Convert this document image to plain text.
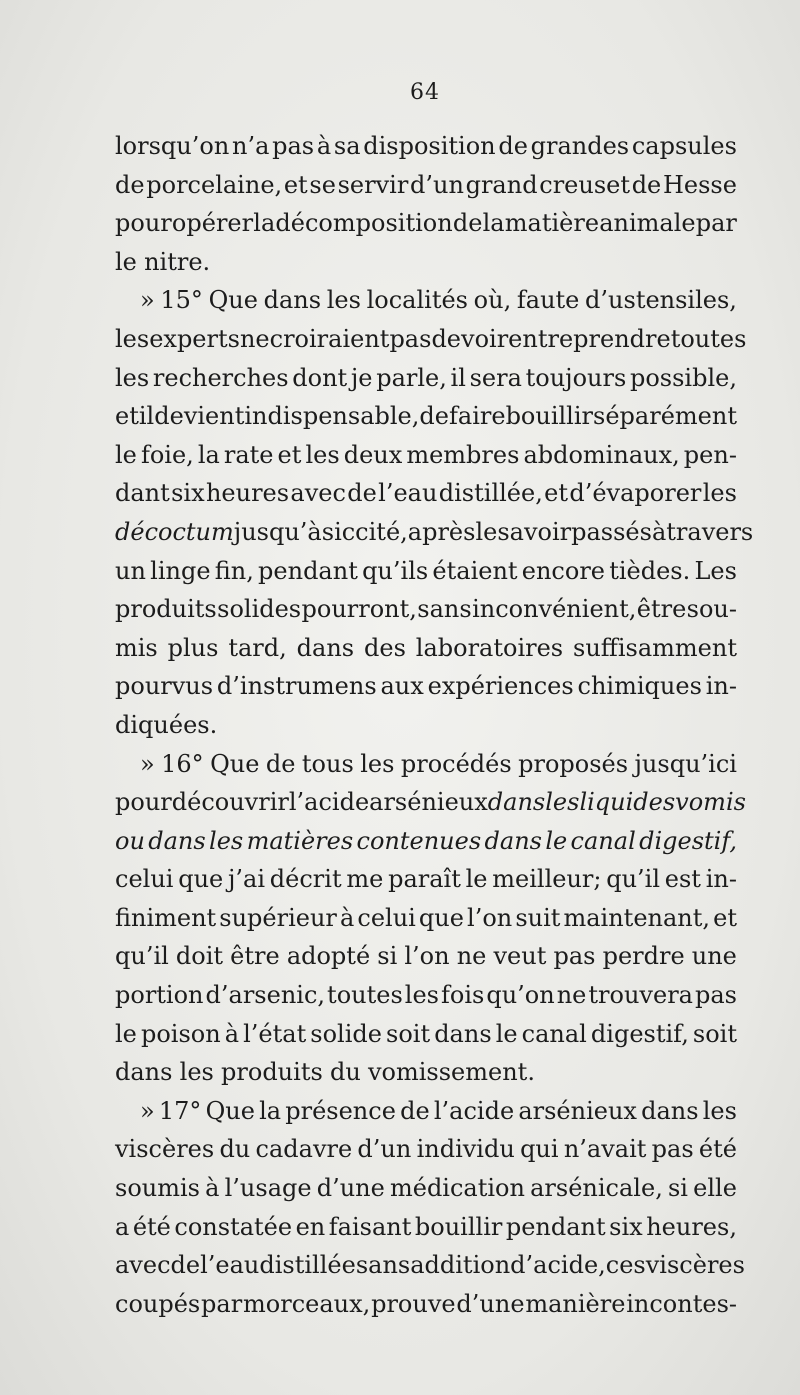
64
lorsqu’on n’a pas à sa disposition de grandes capsules
de porcelaine, et se servir d’un grand creuset de Hesse
pour opérer la décomposition de la matière animale par
le nitre.
» 15° Que dans les localités où, faute d’ustensiles,
les experts ne croiraient pas devoir entreprendre toutes
les recherches dont je parle, il sera toujours possible,
et il devient indispensable, de faire bouillir séparément
le foie, la rate et les deux membres abdominaux, pen-
dant six heures avec de l’eau distillée, et d’évaporer les
décoctum jusqu’à siccité, après les avoir passés à travers
un linge fin, pendant qu’ils étaient encore tièdes. Les
produits solides pourront, sans inconvénient, être sou-
mis plus tard, dans des laboratoires suffisamment
pourvus d’instrumens aux expériences chimiques in-
diquées.
» 16° Que de tous les procédés proposés jusqu’ici
pour découvrir l’acide arsénieux dans les liquides vomis
ou dans les matières contenues dans le canal digestif,
celui que j’ai décrit me paraît le meilleur; qu’il est in-
finiment supérieur à celui que l’on suit maintenant, et
qu’il doit être adopté si l’on ne veut pas perdre une
portion d’arsenic, toutes les fois qu’on ne trouvera pas
le poison à l’état solide soit dans le canal digestif, soit
dans les produits du vomissement.
» 17° Que la présence de l’acide arsénieux dans les
viscères du cadavre d’un individu qui n’avait pas été
soumis à l’usage d’une médication arsénicale, si elle
a été constatée en faisant bouillir pendant six heures,
avec de l’eau distillée sans addition d’acide, ces viscères
coupés par morceaux, prouve d’une manière incontes-
